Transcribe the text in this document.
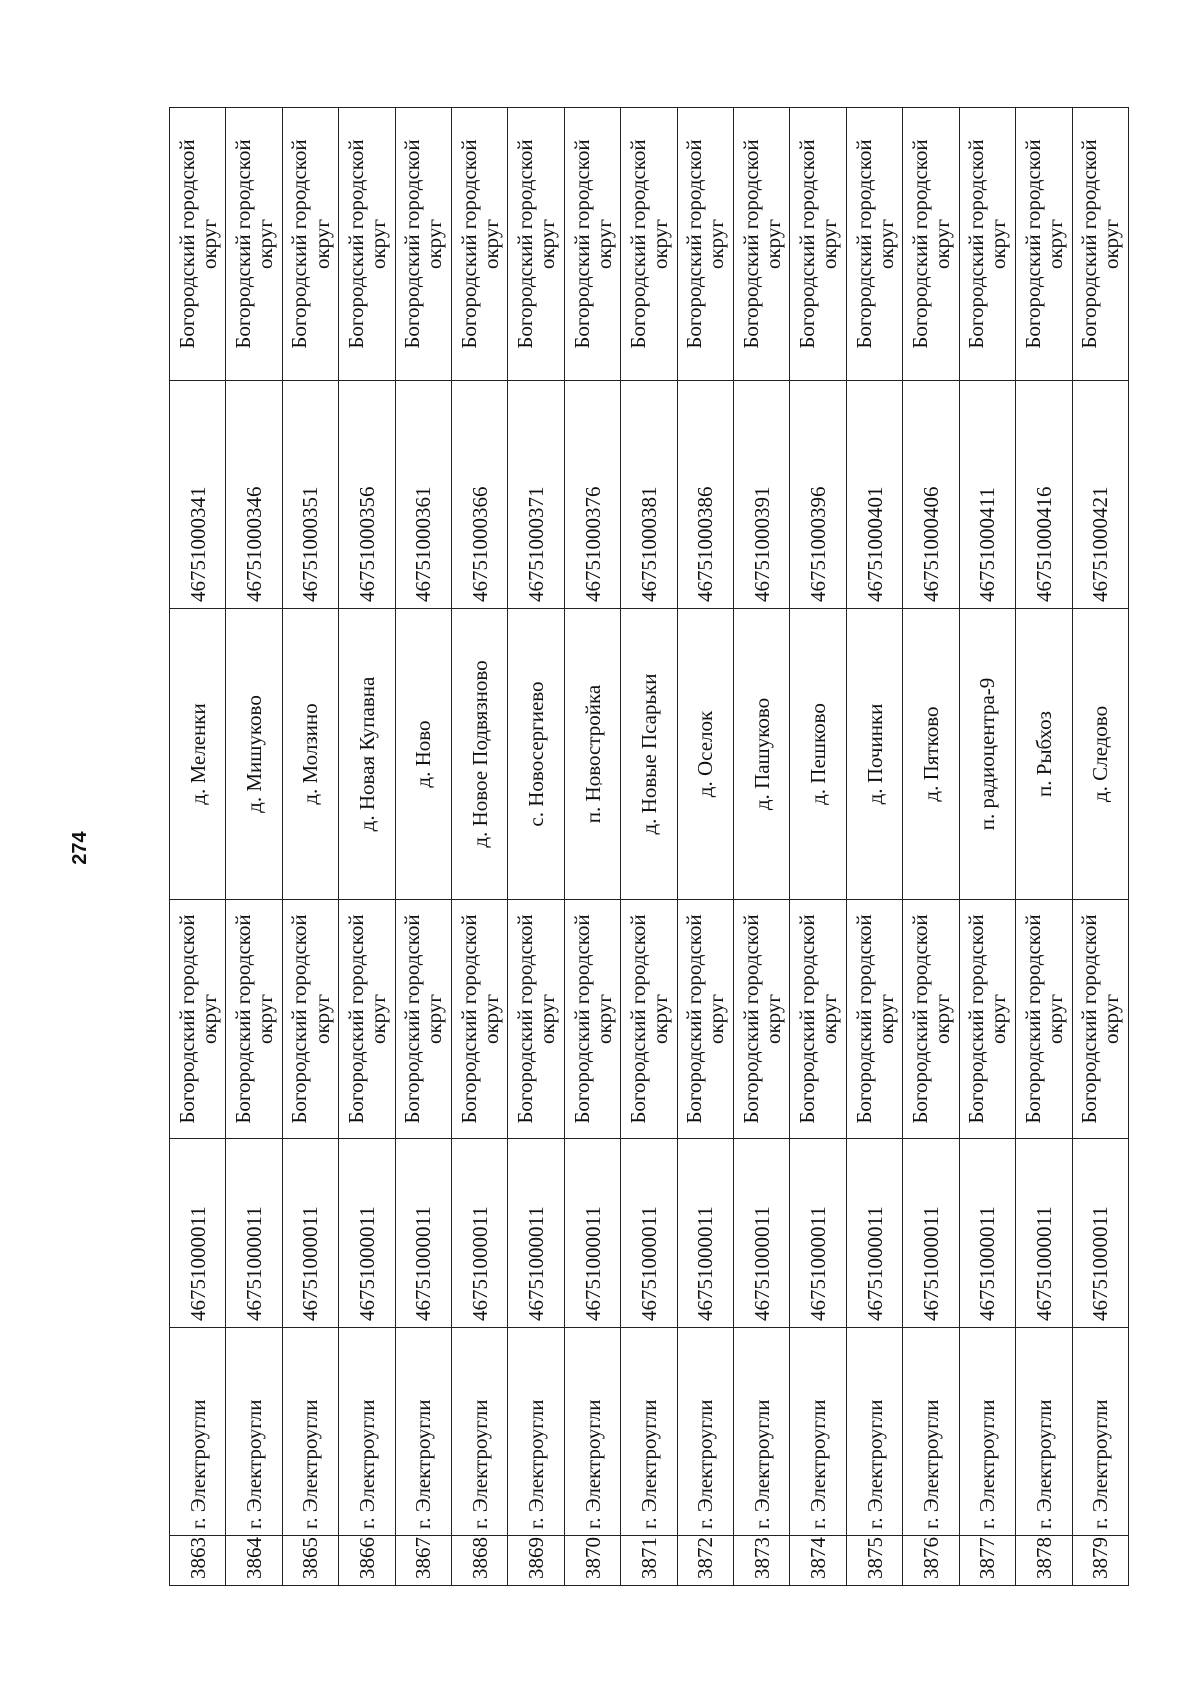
274
3863	г. Электроугли	46751000011	Богородский городской округ	д. Меленки	46751000341	Богородский городской округ
3864	г. Электроугли	46751000011	Богородский городской округ	д. Мишуково	46751000346	Богородский городской округ
3865	г. Электроугли	46751000011	Богородский городской округ	д. Молзино	46751000351	Богородский городской округ
3866	г. Электроугли	46751000011	Богородский городской округ	д. Новая Купавна	46751000356	Богородский городской округ
3867	г. Электроугли	46751000011	Богородский городской округ	д. Ново	46751000361	Богородский городской округ
3868	г. Электроугли	46751000011	Богородский городской округ	д. Новое Подвязново	46751000366	Богородский городской округ
3869	г. Электроугли	46751000011	Богородский городской округ	с. Новосергиево	46751000371	Богородский городской округ
3870	г. Электроугли	46751000011	Богородский городской округ	п. Новостройка	46751000376	Богородский городской округ
3871	г. Электроугли	46751000011	Богородский городской округ	д. Новые Псарьки	46751000381	Богородский городской округ
3872	г. Электроугли	46751000011	Богородский городской округ	д. Оселок	46751000386	Богородский городской округ
3873	г. Электроугли	46751000011	Богородский городской округ	д. Пашуково	46751000391	Богородский городской округ
3874	г. Электроугли	46751000011	Богородский городской округ	д. Пешково	46751000396	Богородский городской округ
3875	г. Электроугли	46751000011	Богородский городской округ	д. Починки	46751000401	Богородский городской округ
3876	г. Электроугли	46751000011	Богородский городской округ	д. Пятково	46751000406	Богородский городской округ
3877	г. Электроугли	46751000011	Богородский городской округ	п. радиоцентра-9	46751000411	Богородский городской округ
3878	г. Электроугли	46751000011	Богородский городской округ	п. Рыбхоз	46751000416	Богородский городской округ
3879	г. Электроугли	46751000011	Богородский городской округ	д. Следово	46751000421	Богородский городской округ
